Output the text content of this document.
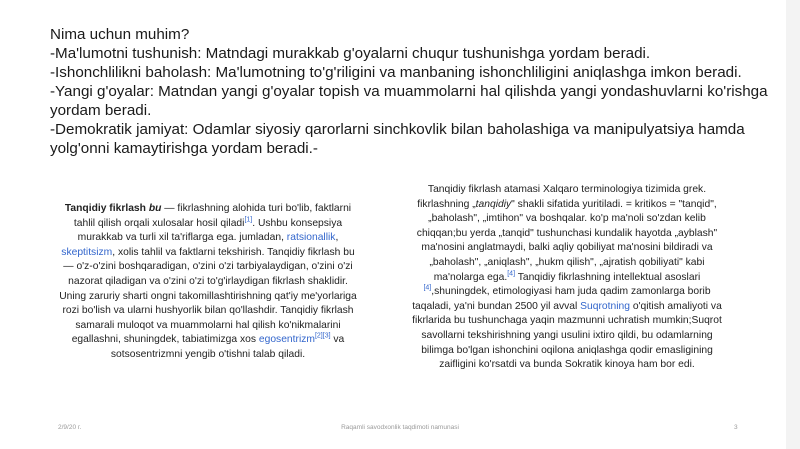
Nima uchun muhim?

-Ma'lumotni tushunish: Matndagi murakkab g'oyalarni chuqur tushunishga yordam beradi.

-Ishonchlilikni baholash: Ma'lumotning to'g'riligini va manbaning ishonchliligini aniqlashga imkon beradi.

-Yangi g'oyalar: Matndan yangi g'oyalar topish va muammolarni hal qilishda yangi yondashuvlarni ko'rishga yordam beradi.

-Demokratik jamiyat: Odamlar siyosiy qarorlarni sinchkovlik bilan baholashiga va manipulyatsiya hamda yolg'onni kamaytirishga yordam beradi.-

Tanqidiy fikrlash bu — fikrlashning alohida turi bo'lib, faktlarni tahlil qilish orqali xulosalar hosil qiladi[1]. Ushbu konsepsiya murakkab va turli xil ta'riflarga ega. jumladan, ratsionallik, skeptitsizm, xolis tahlil va faktlarni tekshirish. Tanqidiy fikrlash bu — o'z-o'zini boshqaradigan, o'zini o'zi tarbiyalaydigan, o'zini o'zi nazorat qiladigan va o'zini o'zi to'g'irlaydigan fikrlash shaklidir. Uning zaruriy sharti ongni takomillashtirishning qat'iy me'yorlariga rozi bo'lish va ularni hushyorlik bilan qo'llashdir. Tanqidiy fikrlash samarali muloqot va muammolarni hal qilish ko'nikmalarini egallashni, shuningdek, tabiatimizga xos egosentrizm[2][3] va sotsosentrizmni yengib o'tishni talab qiladi.
Tanqidiy fikrlash atamasi Xalqaro terminologiya tizimida grek. fikrlashning „tanqidiy" shakli sifatida yuritiladi. = kritikos = "tanqid", „baholash", „imtihon" va boshqalar. ko'p ma'noli so'zdan kelib chiqqan;bu yerda „tanqid" tushunchasi kundalik hayotda „ayblash" ma'nosini anglatmaydi, balki aqliy qobiliyat ma'nosini bildiradi va „baholash", „aniqlash", „hukm qilish", „ajratish qobiliyati" kabi ma'nolarga ega.[4] Tanqidiy fikrlashning intellektual asoslari [4],shuningdek, etimologiyasi ham juda qadim zamonlarga borib taqaladi, ya'ni bundan 2500 yil avval Suqrotning o'qitish amaliyoti va fikrlarida bu tushunchaga yaqin mazmunni uchratish mumkin;Suqrot savollarni tekshirishning yangi usulini ixtiro qildi, bu odamlarning bilimga bo'lgan ishonchini oqilona aniqlashga qodir emasligining zaifligini ko'rsatdi va bunda Sokratik kinoya ham bor edi.
2/9/20 г.	Raqamli savodxonlik taqdimoti namunasi	3
